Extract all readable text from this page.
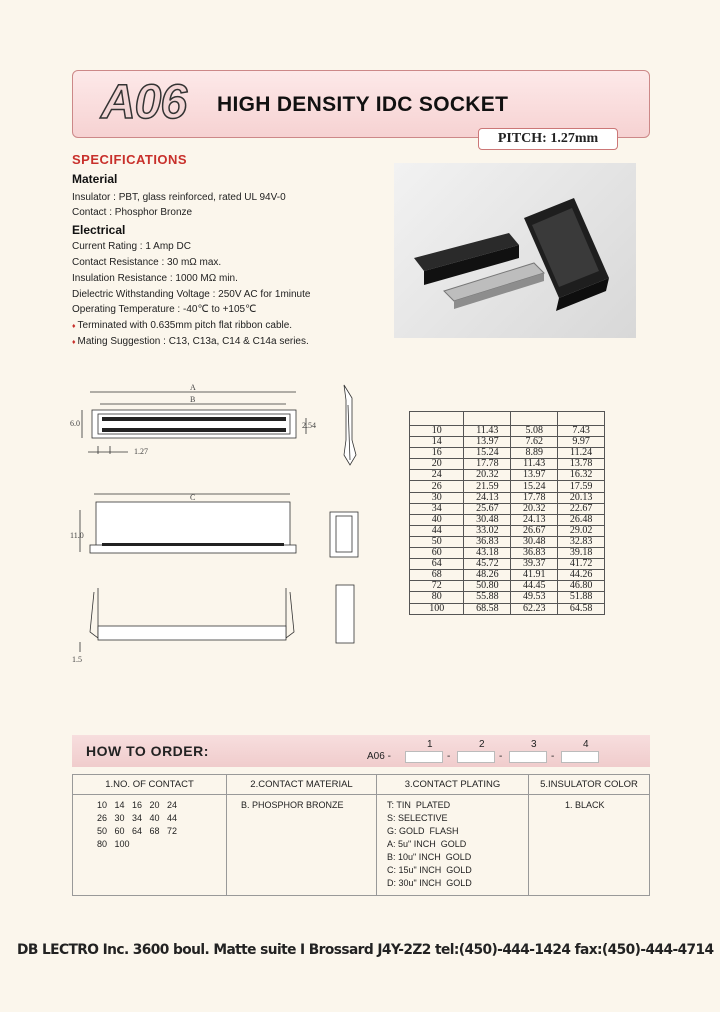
A06 HIGH DENSITY IDC SOCKET
PITCH: 1.27mm
SPECIFICATIONS
Material
Insulator : PBT, glass reinforced, rated UL 94V-0
Contact : Phosphor Bronze
Electrical
Current Rating : 1 Amp DC
Contact Resistance : 30 mΩ max.
Insulation Resistance : 1000 MΩ min.
Dielectric Withstanding Voltage : 250V AC for 1minute
Operating Temperature : -40℃ to +105℃
♦ Terminated with 0.635mm pitch flat ribbon cable.
♦ Mating Suggestion : C13, C13a, C14 & C14a series.
A
B
6.0	2.54
1.27
C
11.0
1.5

10	11.43	5.08	7.43
14	13.97	7.62	9.97
16	15.24	8.89	11.24
20	17.78	11.43	13.78
24	20.32	13.97	16.32
26	21.59	15.24	17.59
30	24.13	17.78	20.13
34	25.67	20.32	22.67
40	30.48	24.13	26.48
44	33.02	26.67	29.02
50	36.83	30.48	32.83
60	43.18	36.83	39.18
64	45.72	39.37	41.72
68	48.26	41.91	44.26
72	50.80	44.45	46.80
80	55.88	49.53	51.88
100	68.58	62.23	64.58
HOW TO ORDER:	A06 -
1
-
2
-
3
-
4
1.NO. OF CONTACT
10   14   16   20   24
26   30   34   40   44
50   60   64   68   72
80   100
2.CONTACT MATERIAL
B. PHOSPHOR BRONZE
3.CONTACT PLATING
T: TIN  PLATED
S: SELECTIVE
G: GOLD  FLASH
A: 5u" INCH  GOLD
B: 10u" INCH  GOLD
C: 15u" INCH  GOLD
D: 30u" INCH  GOLD
5.INSULATOR COLOR
1. BLACK
DB LECTRO Inc. 3600 boul. Matte suite I Brossard J4Y-2Z2 tel:(450)-444-1424 fax:(450)-444-4714
